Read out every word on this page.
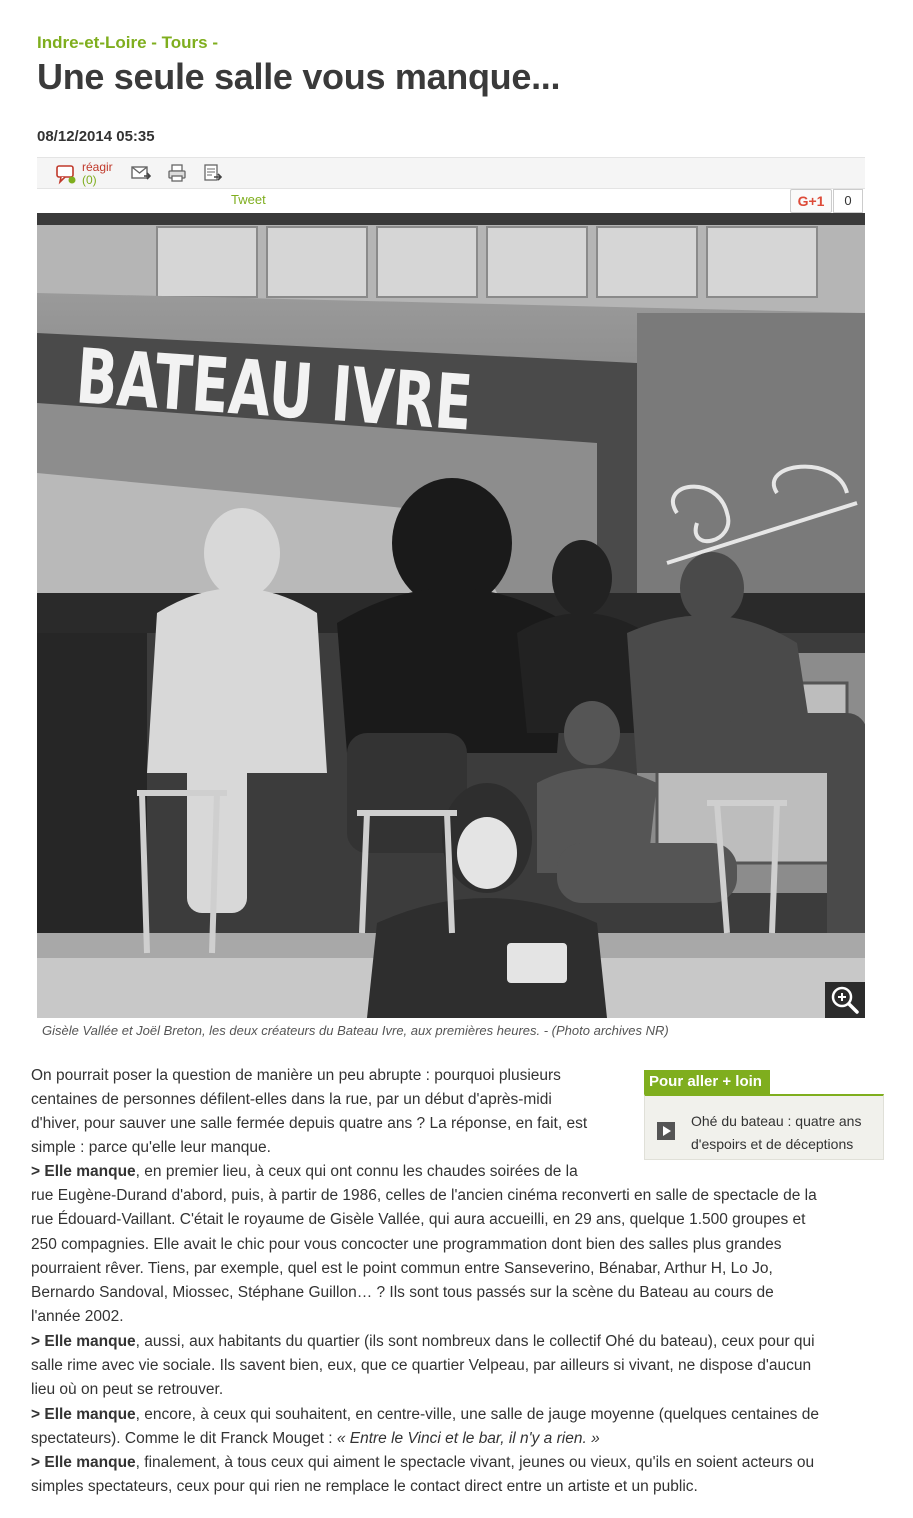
Indre-et-Loire - Tours -
Une seule salle vous manque...
08/12/2014 05:35
réagir
(0)
Tweet	G+1	0
BATEAU IVRE
Gisèle Vallée et Joël Breton, les deux créateurs du Bateau Ivre, aux premières heures. - (Photo archives NR)
Pour aller + loin
Ohé du bateau : quatre ans
d'espoirs et de déceptions

On pourrait poser la question de manière un peu abrupte : pourquoi plusieurs

centaines de personnes défilent-elles dans la rue, par un début d'après-midi

d'hiver, pour sauver une salle fermée depuis quatre ans ? La réponse, en fait, est

simple : parce qu'elle leur manque.

> Elle manque, en premier lieu, à ceux qui ont connu les chaudes soirées de la

rue Eugène-Durand d'abord, puis, à partir de 1986, celles de l'ancien cinéma reconverti en salle de spectacle de la

rue Édouard-Vaillant. C'était le royaume de Gisèle Vallée, qui aura accueilli, en 29 ans, quelque 1.500 groupes et

250 compagnies. Elle avait le chic pour vous concocter une programmation dont bien des salles plus grandes

pourraient rêver. Tiens, par exemple, quel est le point commun entre Sanseverino, Bénabar, Arthur H, Lo Jo,

Bernardo Sandoval, Miossec, Stéphane Guillon… ? Ils sont tous passés sur la scène du Bateau au cours de

l'année 2002.

> Elle manque, aussi, aux habitants du quartier (ils sont nombreux dans le collectif Ohé du bateau), ceux pour qui

salle rime avec vie sociale. Ils savent bien, eux, que ce quartier Velpeau, par ailleurs si vivant, ne dispose d'aucun

lieu où on peut se retrouver.

> Elle manque, encore, à ceux qui souhaitent, en centre-ville, une salle de jauge moyenne (quelques centaines de

spectateurs). Comme le dit Franck Mouget : « Entre le Vinci et le bar, il n'y a rien. »

> Elle manque, finalement, à tous ceux qui aiment le spectacle vivant, jeunes ou vieux, qu'ils en soient acteurs ou

simples spectateurs, ceux pour qui rien ne remplace le contact direct entre un artiste et un public.
